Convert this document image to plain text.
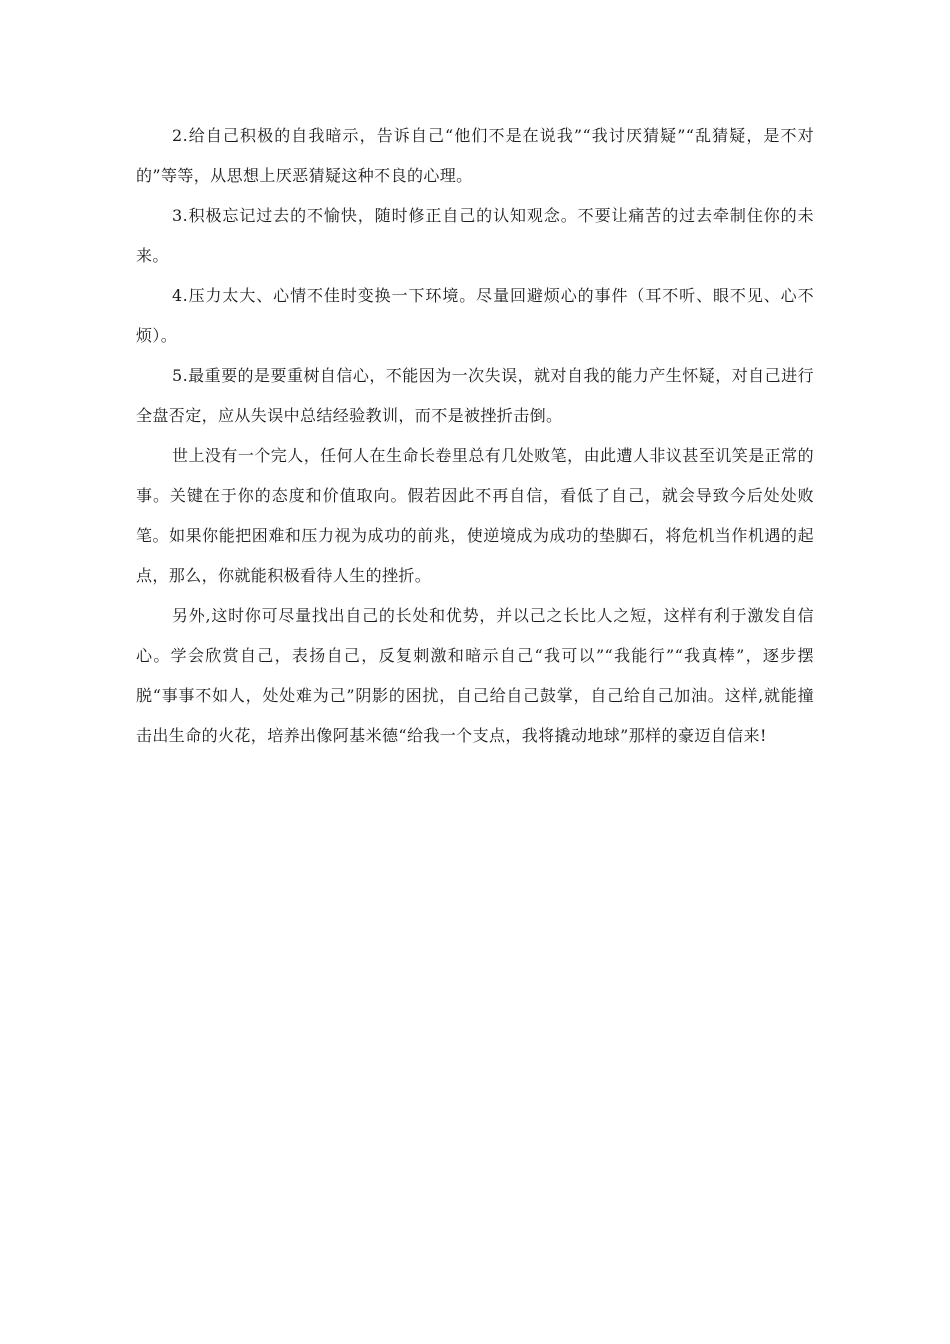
2.给自己积极的自我暗示，告诉自己“他们不是在说我”“我讨厌猜疑”“乱猜疑，是不对的”等等，从思想上厌恶猜疑这种不良的心理。

3.积极忘记过去的不愉快，随时修正自己的认知观念。不要让痛苦的过去牵制住你的未来。

4.压力太大、心情不佳时变换一下环境。尽量回避烦心的事件（耳不听、眼不见、心不烦）。

5.最重要的是要重树自信心，不能因为一次失误，就对自我的能力产生怀疑，对自己进行全盘否定，应从失误中总结经验教训，而不是被挫折击倒。

世上没有一个完人，任何人在生命长卷里总有几处败笔，由此遭人非议甚至讥笑是正常的事。关键在于你的态度和价值取向。假若因此不再自信，看低了自己，就会导致今后处处败笔。如果你能把困难和压力视为成功的前兆，使逆境成为成功的垫脚石，将危机当作机遇的起点，那么，你就能积极看待人生的挫折。

另外,这时你可尽量找出自己的长处和优势，并以己之长比人之短，这样有利于激发自信心。学会欣赏自己，表扬自己，反复刺激和暗示自己“我可以”“我能行”“我真棒”，逐步摆脱“事事不如人，处处难为己”阴影的困扰，自己给自己鼓掌，自己给自己加油。这样,就能撞击出生命的火花，培养出像阿基米德“给我一个支点，我将撬动地球”那样的豪迈自信来!
